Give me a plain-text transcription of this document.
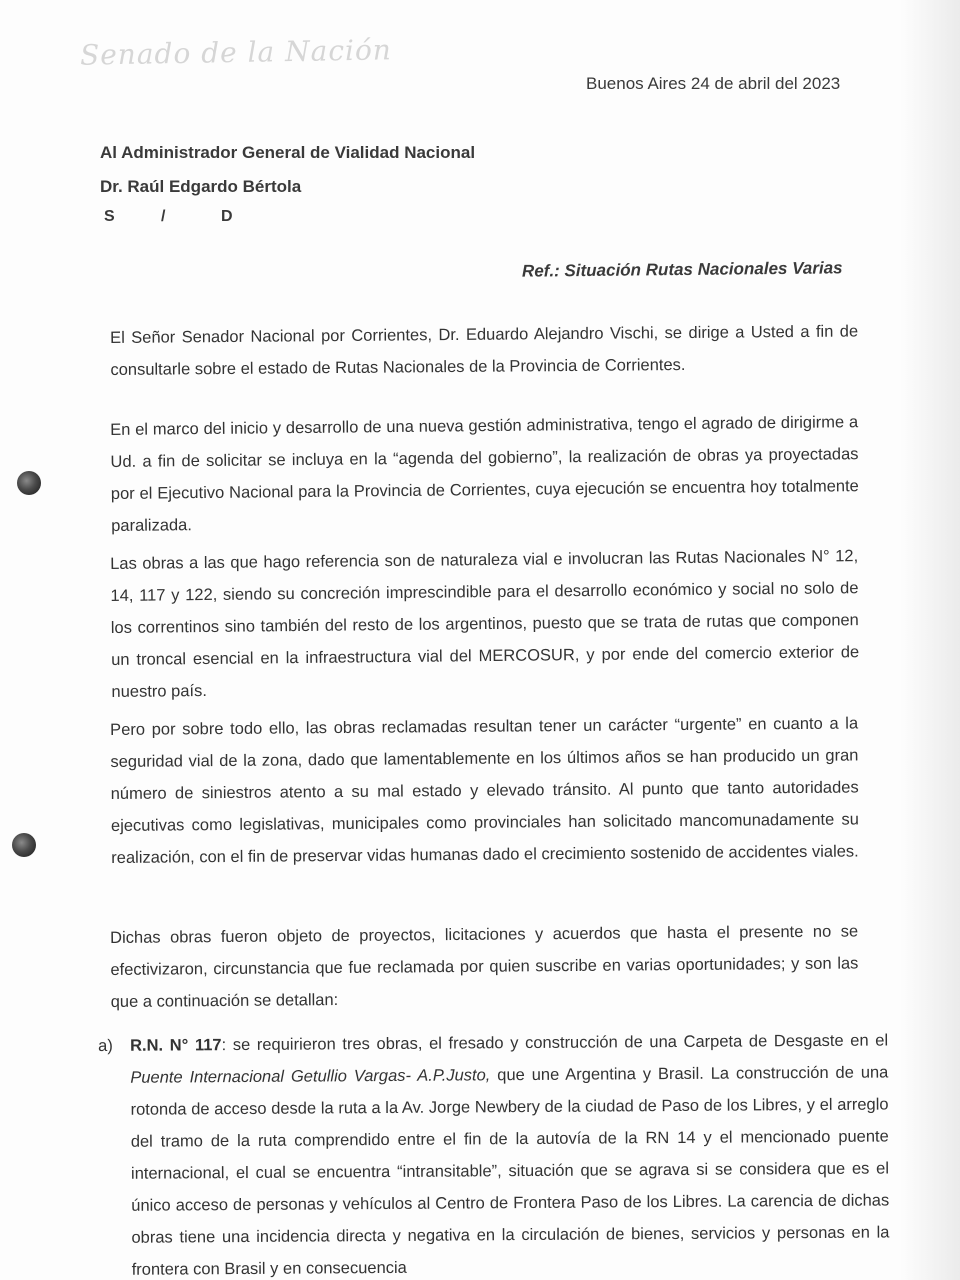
Senado de la Nación
Buenos Aires 24 de abril del 2023
Al Administrador General de Vialidad Nacional
Dr. Raúl Edgardo Bértola
S	/	D
Ref.: Situación Rutas Nacionales Varias

El Señor Senador Nacional por Corrientes, Dr. Eduardo Alejandro Vischi, se dirige a Usted a fin de consultarle sobre el estado de Rutas Nacionales de la Provincia de Corrientes.

En el marco del inicio y desarrollo de una nueva gestión administrativa, tengo el agrado de dirigirme a Ud. a fin de solicitar se incluya en la “agenda del gobierno”, la realización de obras ya proyectadas por el Ejecutivo Nacional para la Provincia de Corrientes, cuya ejecución se encuentra hoy totalmente paralizada.

Las obras a las que hago referencia son de naturaleza vial e involucran las Rutas Nacionales N° 12, 14, 117 y 122, siendo su concreción imprescindible para el desarrollo económico y social no solo de los correntinos sino también del resto de los argentinos, puesto que se trata de rutas que componen un troncal esencial en la infraestructura vial del MERCOSUR, y por ende del comercio exterior de nuestro país.

Pero por sobre todo ello, las obras reclamadas resultan tener un carácter “urgente” en cuanto a la seguridad vial de la zona, dado que lamentablemente en los últimos años se han producido un gran número de siniestros atento a su mal estado y elevado tránsito. Al punto que tanto autoridades ejecutivas como legislativas, municipales como provinciales han solicitado mancomunadamente su realización, con el fin de preservar vidas humanas dado el crecimiento sostenido de accidentes viales.

Dichas obras fueron objeto de proyectos, licitaciones y acuerdos que hasta el presente no se efectivizaron, circunstancia que fue reclamada por quien suscribe en varias oportunidades; y son las que a continuación se detallan:

a) R.N. N° 117: se requirieron tres obras, el fresado y construcción de una Carpeta de Desgaste en el Puente Internacional Getullio Vargas- A.P.Justo, que une Argentina y Brasil. La construcción de una rotonda de acceso desde la ruta a la Av. Jorge Newbery de la ciudad de Paso de los Libres, y el arreglo del tramo de la ruta comprendido entre el fin de la autovía de la RN 14 y el mencionado puente internacional, el cual se encuentra “intransitable”, situación que se agrava si se considera que es el único acceso de personas y vehículos al Centro de Frontera Paso de los Libres. La carencia de dichas obras tiene una incidencia directa y negativa en la circulación de bienes, servicios y personas en la frontera con Brasil y en consecuencia
